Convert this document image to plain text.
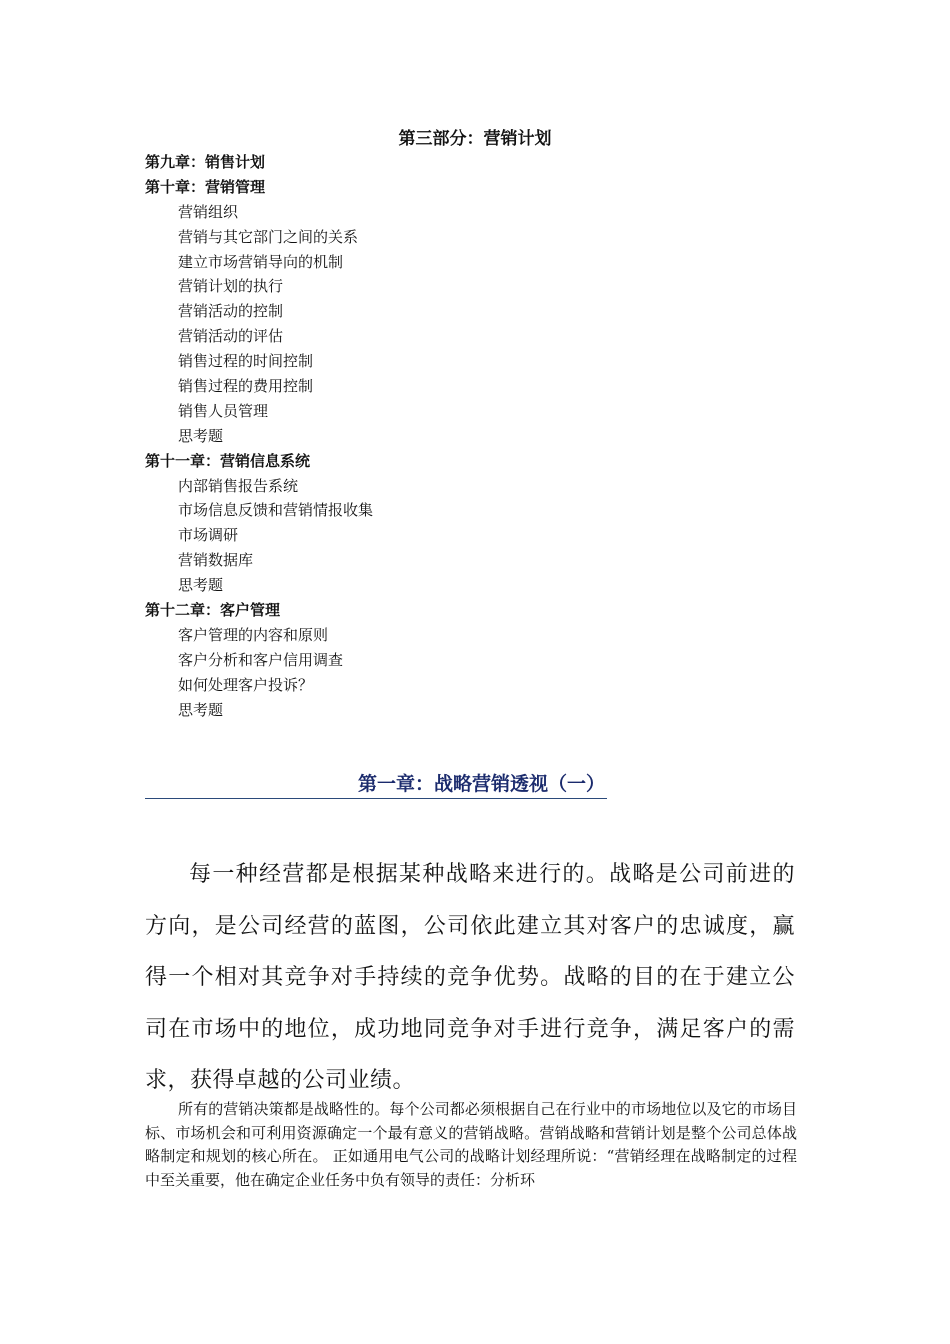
第三部分：营销计划
第九章：销售计划
第十章：营销管理
营销组织
营销与其它部门之间的关系
建立市场营销导向的机制
营销计划的执行
营销活动的控制
营销活动的评估
销售过程的时间控制
销售过程的费用控制
销售人员管理
思考题
第十一章：营销信息系统
内部销售报告系统
市场信息反馈和营销情报收集
市场调研
营销数据库
思考题
第十二章：客户管理
客户管理的内容和原则
客户分析和客户信用调查
如何处理客户投诉？
思考题
第一章：战略营销透视（一）

每一种经营都是根据某种战略来进行的。战略是公司前进的方向，是公司经营的蓝图，公司依此建立其对客户的忠诚度，赢得一个相对其竞争对手持续的竞争优势。战略的目的在于建立公司在市场中的地位，成功地同竞争对手进行竞争，满足客户的需求，获得卓越的公司业绩。

所有的营销决策都是战略性的。每个公司都必须根据自己在行业中的市场地位以及它的市场目标、市场机会和可利用资源确定一个最有意义的营销战略。营销战略和营销计划是整个公司总体战略制定和规划的核心所在。 正如通用电气公司的战略计划经理所说：“营销经理在战略制定的过程中至关重要，他在确定企业任务中负有领导的责任：分析环
